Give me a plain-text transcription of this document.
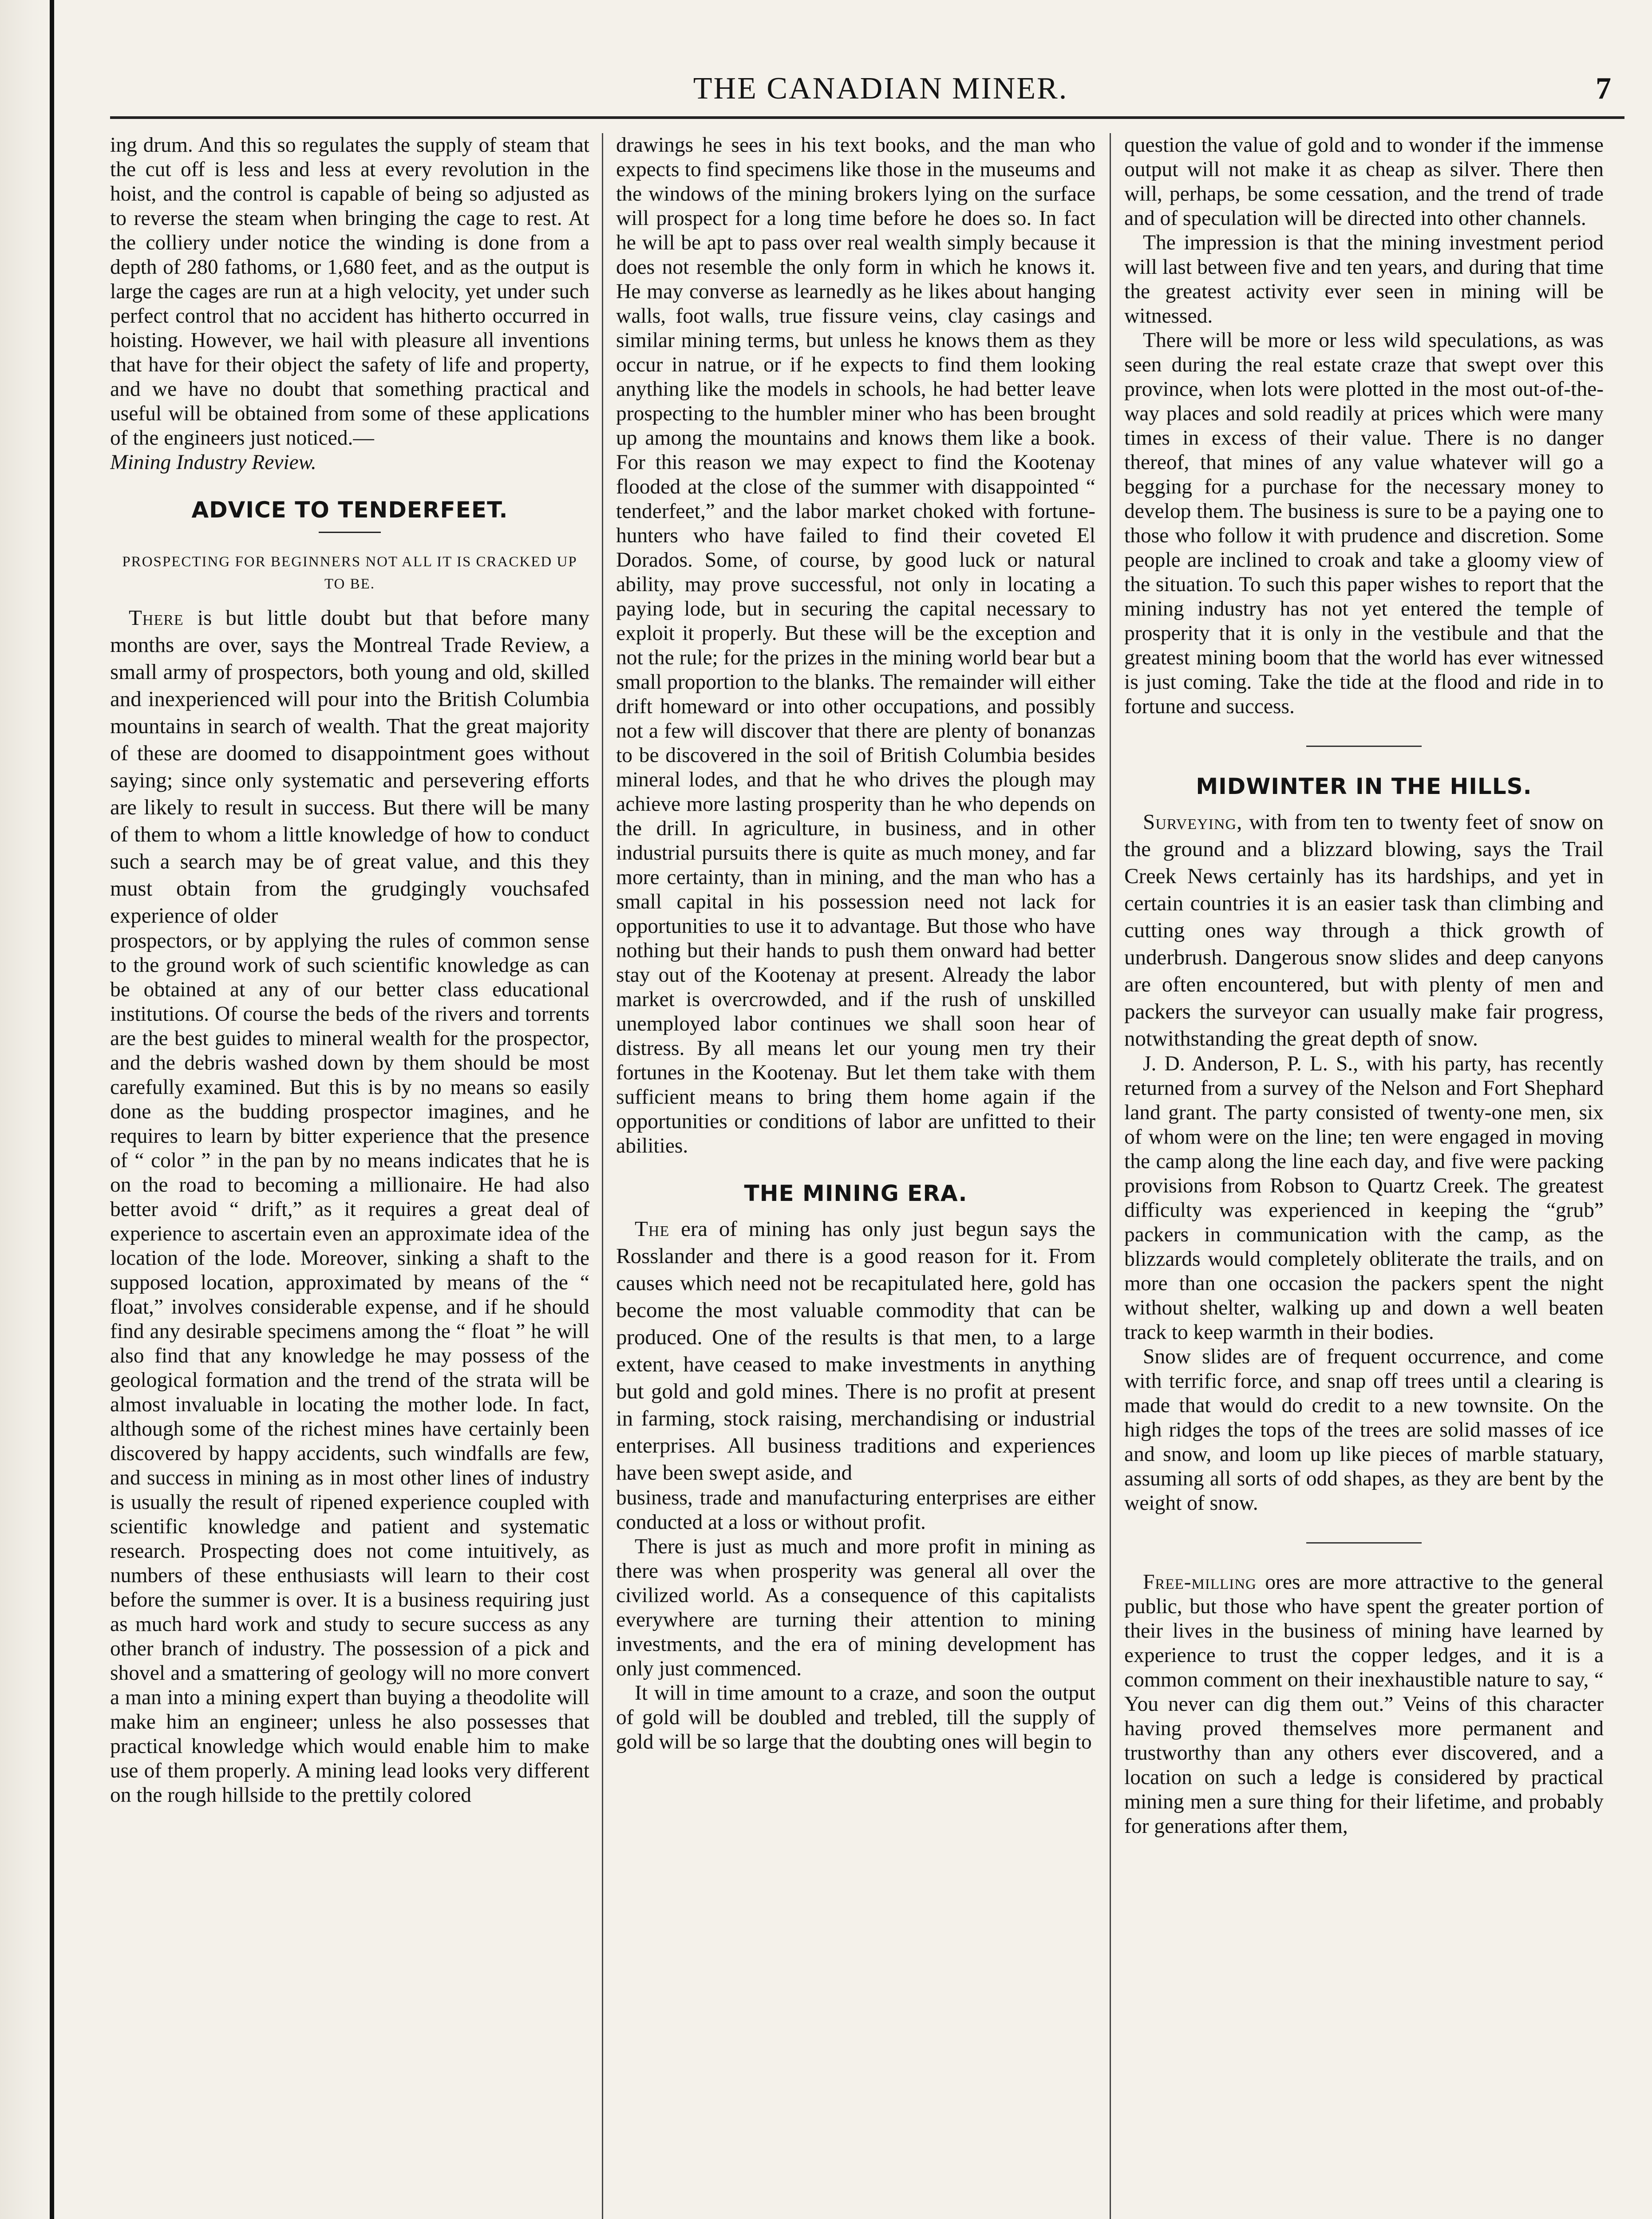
THE CANADIAN MINER.	7

ing drum. And this so regulates the supply of steam that the cut off is less and less at every revolution in the hoist, and the control is capable of being so adjusted as to reverse the steam when bringing the cage to rest. At the colliery under notice the winding is done from a depth of 280 fathoms, or 1,680 feet, and as the output is large the cages are run at a high velocity, yet under such perfect control that no accident has hitherto occurred in hoisting. However, we hail with pleasure all inventions that have for their object the safety of life and property, and we have no doubt that something practical and useful will be obtained from some of these applications of the engineers just noticed.—

Mining Industry Review.

ADVICE TO TENDERFEET.
PROSPECTING FOR BEGINNERS NOT ALL IT IS CRACKED UP TO BE.

There is but little doubt but that before many months are over, says the Montreal Trade Review, a small army of prospectors, both young and old, skilled and inexperienced will pour into the British Columbia mountains in search of wealth. That the great majority of these are doomed to disappointment goes without saying; since only systematic and persevering efforts are likely to result in success. But there will be many of them to whom a little knowledge of how to conduct such a search may be of great value, and this they must obtain from the grudgingly vouchsafed experience of older

prospectors, or by applying the rules of common sense to the ground work of such scientific knowledge as can be obtained at any of our better class educational institutions. Of course the beds of the rivers and torrents are the best guides to mineral wealth for the prospector, and the debris washed down by them should be most carefully examined. But this is by no means so easily done as the budding prospector imagines, and he requires to learn by bitter experience that the presence of “ color ” in the pan by no means indicates that he is on the road to becoming a millionaire. He had also better avoid “ drift,” as it requires a great deal of experience to ascertain even an approximate idea of the location of the lode. Moreover, sinking a shaft to the supposed location, approximated by means of the “ float,” involves considerable expense, and if he should find any desirable specimens among the “ float ” he will also find that any knowledge he may possess of the geological formation and the trend of the strata will be almost invaluable in locating the mother lode. In fact, although some of the richest mines have certainly been discovered by happy accidents, such windfalls are few, and success in mining as in most other lines of industry is usually the result of ripened experience coupled with scientific knowledge and patient and systematic research. Prospecting does not come intuitively, as numbers of these enthusiasts will learn to their cost before the summer is over. It is a business requiring just as much hard work and study to secure success as any other branch of industry. The possession of a pick and shovel and a smattering of geology will no more convert a man into a mining expert than buying a theodolite will make him an engineer; unless he also possesses that practical knowledge which would enable him to make use of them properly. A mining lead looks very different on the rough hillside to the prettily colored

drawings he sees in his text books, and the man who expects to find specimens like those in the museums and the windows of the mining brokers lying on the surface will prospect for a long time before he does so. In fact he will be apt to pass over real wealth simply because it does not resemble the only form in which he knows it. He may converse as learnedly as he likes about hanging walls, foot walls, true fissure veins, clay casings and similar mining terms, but unless he knows them as they occur in natrue, or if he expects to find them looking anything like the models in schools, he had better leave prospecting to the humbler miner who has been brought up among the mountains and knows them like a book. For this reason we may expect to find the Kootenay flooded at the close of the summer with disappointed “ tenderfeet,” and the labor market choked with fortune-hunters who have failed to find their coveted El Dorados. Some, of course, by good luck or natural ability, may prove successful, not only in locating a paying lode, but in securing the capital necessary to exploit it properly. But these will be the exception and not the rule; for the prizes in the mining world bear but a small proportion to the blanks. The remainder will either drift homeward or into other occupations, and possibly not a few will discover that there are plenty of bonanzas to be discovered in the soil of British Columbia besides mineral lodes, and that he who drives the plough may achieve more lasting prosperity than he who depends on the drill. In agriculture, in business, and in other industrial pursuits there is quite as much money, and far more certainty, than in mining, and the man who has a small capital in his possession need not lack for opportunities to use it to advantage. But those who have nothing but their hands to push them onward had better stay out of the Kootenay at present. Already the labor market is overcrowded, and if the rush of unskilled unemployed labor continues we shall soon hear of distress. By all means let our young men try their fortunes in the Kootenay. But let them take with them sufficient means to bring them home again if the opportunities or conditions of labor are unfitted to their abilities.

THE MINING ERA.

The era of mining has only just begun says the Rosslander and there is a good reason for it. From causes which need not be recapitulated here, gold has become the most valuable commodity that can be produced. One of the results is that men, to a large extent, have ceased to make investments in anything but gold and gold mines. There is no profit at present in farming, stock raising, merchandising or industrial enterprises. All business traditions and experiences have been swept aside, and

business, trade and manufacturing enterprises are either conducted at a loss or without profit.

There is just as much and more profit in mining as there was when prosperity was general all over the civilized world. As a consequence of this capitalists everywhere are turning their attention to mining investments, and the era of mining development has only just commenced.

It will in time amount to a craze, and soon the output of gold will be doubled and trebled, till the supply of gold will be so large that the doubting ones will begin to

question the value of gold and to wonder if the immense output will not make it as cheap as silver. There then will, perhaps, be some cessation, and the trend of trade and of speculation will be directed into other channels.

The impression is that the mining investment period will last between five and ten years, and during that time the greatest activity ever seen in mining will be witnessed.

There will be more or less wild speculations, as was seen during the real estate craze that swept over this province, when lots were plotted in the most out-of-the-way places and sold readily at prices which were many times in excess of their value. There is no danger thereof, that mines of any value whatever will go a begging for a purchase for the necessary money to develop them. The business is sure to be a paying one to those who follow it with prudence and discretion. Some people are inclined to croak and take a gloomy view of the situation. To such this paper wishes to report that the mining industry has not yet entered the temple of prosperity that it is only in the vestibule and that the greatest mining boom that the world has ever witnessed is just coming. Take the tide at the flood and ride in to fortune and success.

MIDWINTER IN THE HILLS.

Surveying, with from ten to twenty feet of snow on the ground and a blizzard blowing, says the Trail Creek News certainly has its hardships, and yet in certain countries it is an easier task than climbing and cutting ones way through a thick growth of underbrush. Dangerous snow slides and deep canyons are often encountered, but with plenty of men and packers the surveyor can usually make fair progress, notwithstanding the great depth of snow.

J. D. Anderson, P. L. S., with his party, has recently returned from a survey of the Nelson and Fort Shephard land grant. The party consisted of twenty-one men, six of whom were on the line; ten were engaged in moving the camp along the line each day, and five were packing provisions from Robson to Quartz Creek. The greatest difficulty was experienced in keeping the “grub” packers in communication with the camp, as the blizzards would completely obliterate the trails, and on more than one occasion the packers spent the night without shelter, walking up and down a well beaten track to keep warmth in their bodies.

Snow slides are of frequent occurrence, and come with terrific force, and snap off trees until a clearing is made that would do credit to a new townsite. On the high ridges the tops of the trees are solid masses of ice and snow, and loom up like pieces of marble statuary, assuming all sorts of odd shapes, as they are bent by the weight of snow.

Free-milling ores are more attractive to the general public, but those who have spent the greater portion of their lives in the business of mining have learned by experience to trust the copper ledges, and it is a common comment on their inexhaustible nature to say, “ You never can dig them out.” Veins of this character having proved themselves more permanent and trustworthy than any others ever discovered, and a location on such a ledge is considered by practical mining men a sure thing for their lifetime, and probably for generations after them,
